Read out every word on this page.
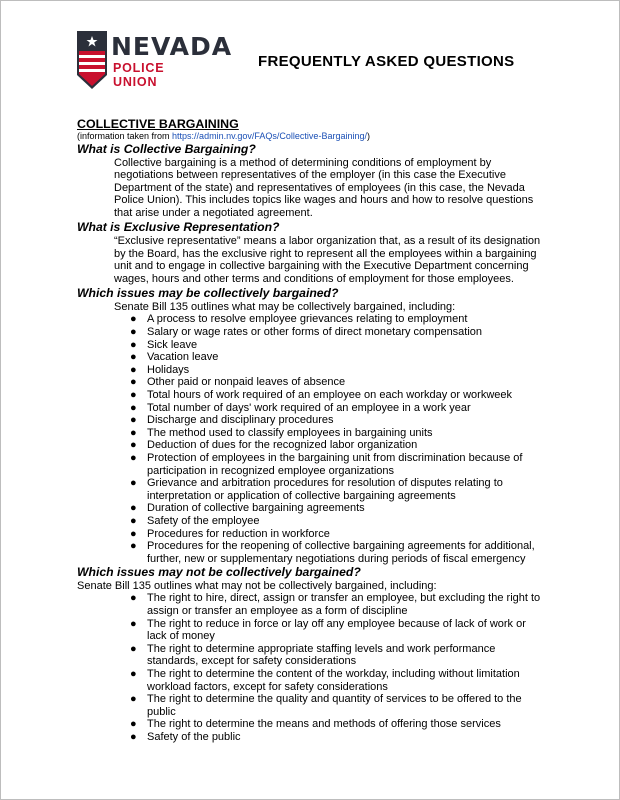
NEVADA
POLICE UNION
FREQUENTLY ASKED QUESTIONS
COLLECTIVE BARGAINING
(information taken from https://admin.nv.gov/FAQs/Collective-Bargaining/)
What is Collective Bargaining?
Collective bargaining is a method of determining conditions of employment by negotiations between representatives of the employer (in this case the Executive Department of the state) and representatives of employees (in this case, the Nevada Police Union). This includes topics like wages and hours and how to resolve questions that arise under a negotiated agreement.
What is Exclusive Representation?
“Exclusive representative” means a labor organization that, as a result of its designation by the Board, has the exclusive right to represent all the employees within a bargaining unit and to engage in collective bargaining with the Executive Department concerning wages, hours and other terms and conditions of employment for those employees.
Which issues may be collectively bargained?
Senate Bill 135 outlines what may be collectively bargained, including:
● A process to resolve employee grievances relating to employment
● Salary or wage rates or other forms of direct monetary compensation
● Sick leave
● Vacation leave
● Holidays
● Other paid or nonpaid leaves of absence
● Total hours of work required of an employee on each workday or workweek
● Total number of days' work required of an employee in a work year
● Discharge and disciplinary procedures
● The method used to classify employees in bargaining units
● Deduction of dues for the recognized labor organization
● Protection of employees in the bargaining unit from discrimination because of participation in recognized employee organizations
● Grievance and arbitration procedures for resolution of disputes relating to interpretation or application of collective bargaining agreements
● Duration of collective bargaining agreements
● Safety of the employee
● Procedures for reduction in workforce
● Procedures for the reopening of collective bargaining agreements for additional, further, new or supplementary negotiations during periods of fiscal emergency
Which issues may not be collectively bargained?
Senate Bill 135 outlines what may not be collectively bargained, including:
● The right to hire, direct, assign or transfer an employee, but excluding the right to assign or transfer an employee as a form of discipline
● The right to reduce in force or lay off any employee because of lack of work or lack of money
● The right to determine appropriate staffing levels and work performance standards, except for safety considerations
● The right to determine the content of the workday, including without limitation workload factors, except for safety considerations
● The right to determine the quality and quantity of services to be offered to the public
● The right to determine the means and methods of offering those services
● Safety of the public
